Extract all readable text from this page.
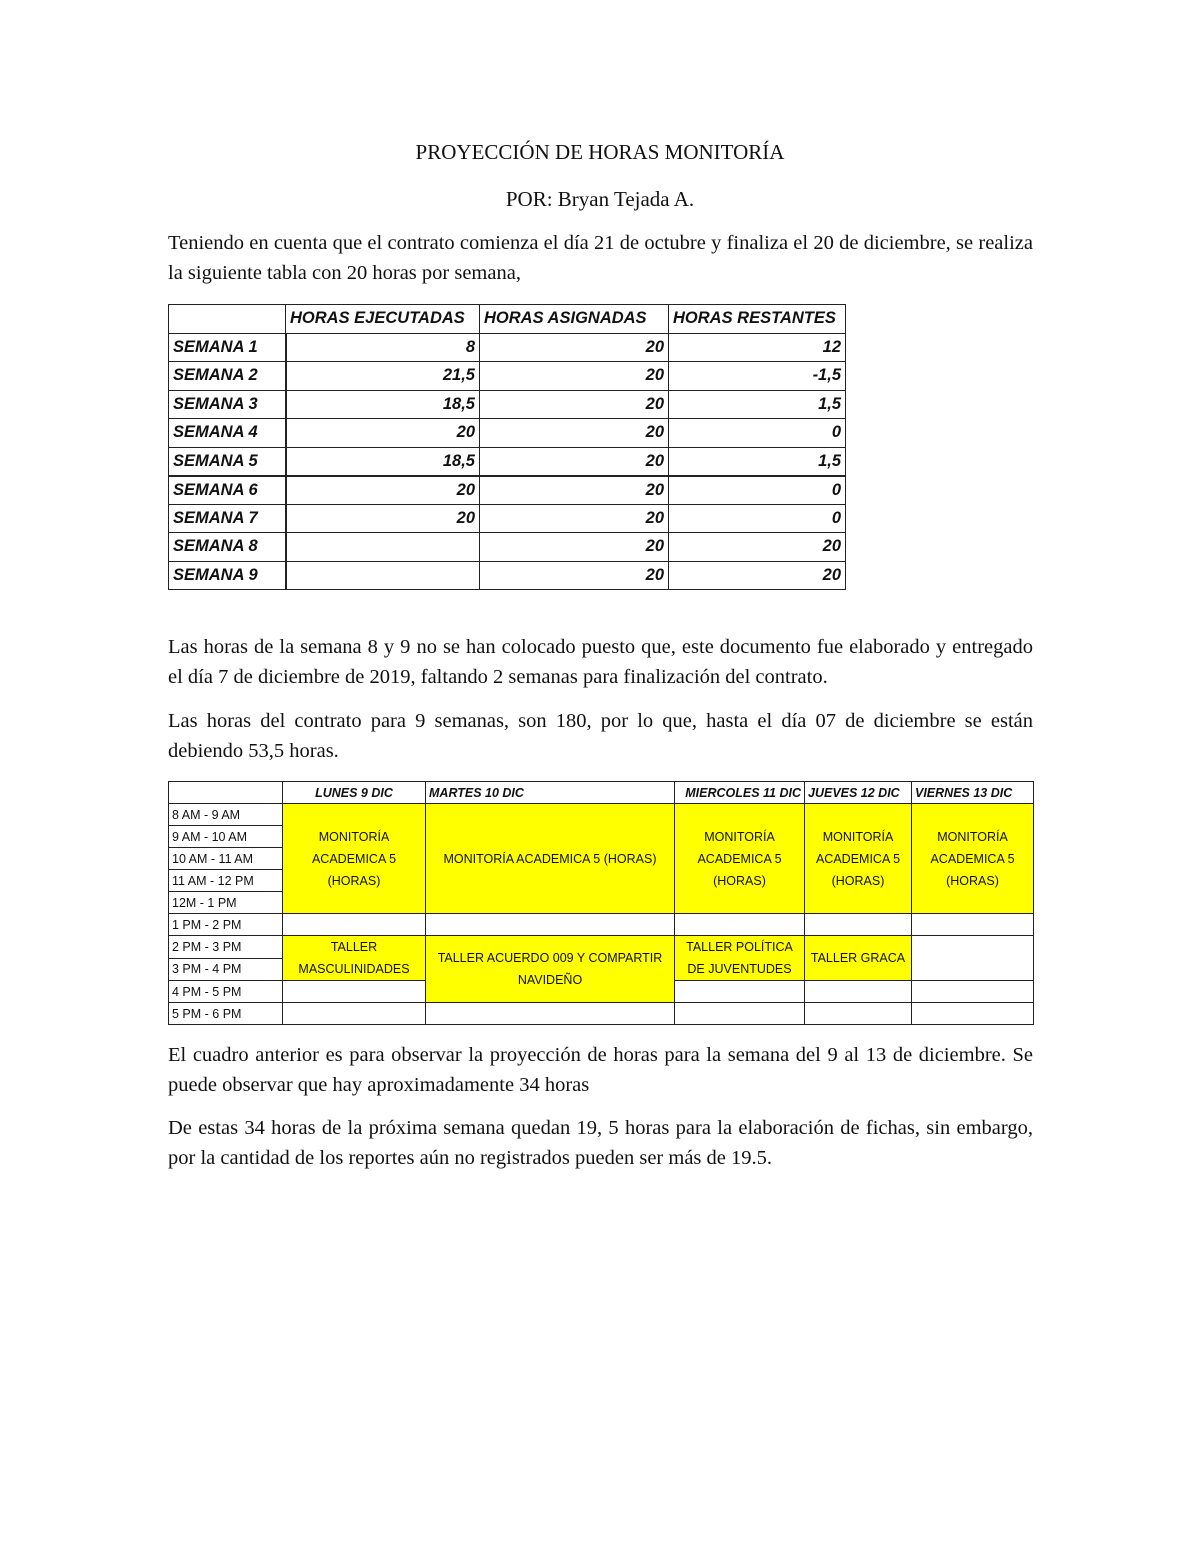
PROYECCIÓN DE HORAS MONITORÍA
POR: Bryan Tejada A.

Teniendo en cuenta que el contrato comienza el día 21 de octubre y finaliza el 20 de diciembre, se realiza la siguiente tabla con 20 horas por semana,

	HORAS EJECUTADAS	HORAS ASIGNADAS	HORAS RESTANTES
SEMANA 1	8	20	12
SEMANA 2	21,5	20	-1,5
SEMANA 3	18,5	20	1,5
SEMANA 4	20	20	0
SEMANA 5	18,5	20	1,5
SEMANA 6	20	20	0
SEMANA 7	20	20	0
SEMANA 8		20	20
SEMANA 9		20	20

Las horas de la semana 8 y 9 no se han colocado puesto que, este documento fue elaborado y entregado el día 7 de diciembre de 2019, faltando 2 semanas para finalización del contrato.

Las horas del contrato para 9 semanas, son 180, por lo que, hasta el día 07 de diciembre se están debiendo 53,5 horas.

	LUNES 9 DIC	MARTES 10 DIC	MIERCOLES 11 DIC	JUEVES 12 DIC	VIERNES 13 DIC
8 AM - 9 AM	MONITORÍA ACADEMICA 5 (HORAS)	MONITORÍA ACADEMICA 5 (HORAS)	MONITORÍA ACADEMICA 5 (HORAS)	MONITORÍA ACADEMICA 5 (HORAS)	MONITORÍA ACADEMICA 5 (HORAS)
9 AM - 10 AM					
10 AM - 11 AM					
11 AM - 12 PM					
12M - 1 PM					
1 PM - 2 PM					
2 PM - 3 PM	TALLER MASCULINIDADES	TALLER ACUERDO 009 Y COMPARTIR NAVIDEÑO	TALLER POLÍTICA DE JUVENTUDES	TALLER GRACA	
3 PM - 4 PM					
4 PM - 5 PM					
5 PM - 6 PM					

El cuadro anterior es para observar la proyección de horas para la semana del 9 al 13 de diciembre. Se puede observar que hay aproximadamente 34 horas

De estas 34 horas de la próxima semana quedan 19, 5 horas para la elaboración de fichas, sin embargo, por la cantidad de los reportes aún no registrados pueden ser más de 19.5.
